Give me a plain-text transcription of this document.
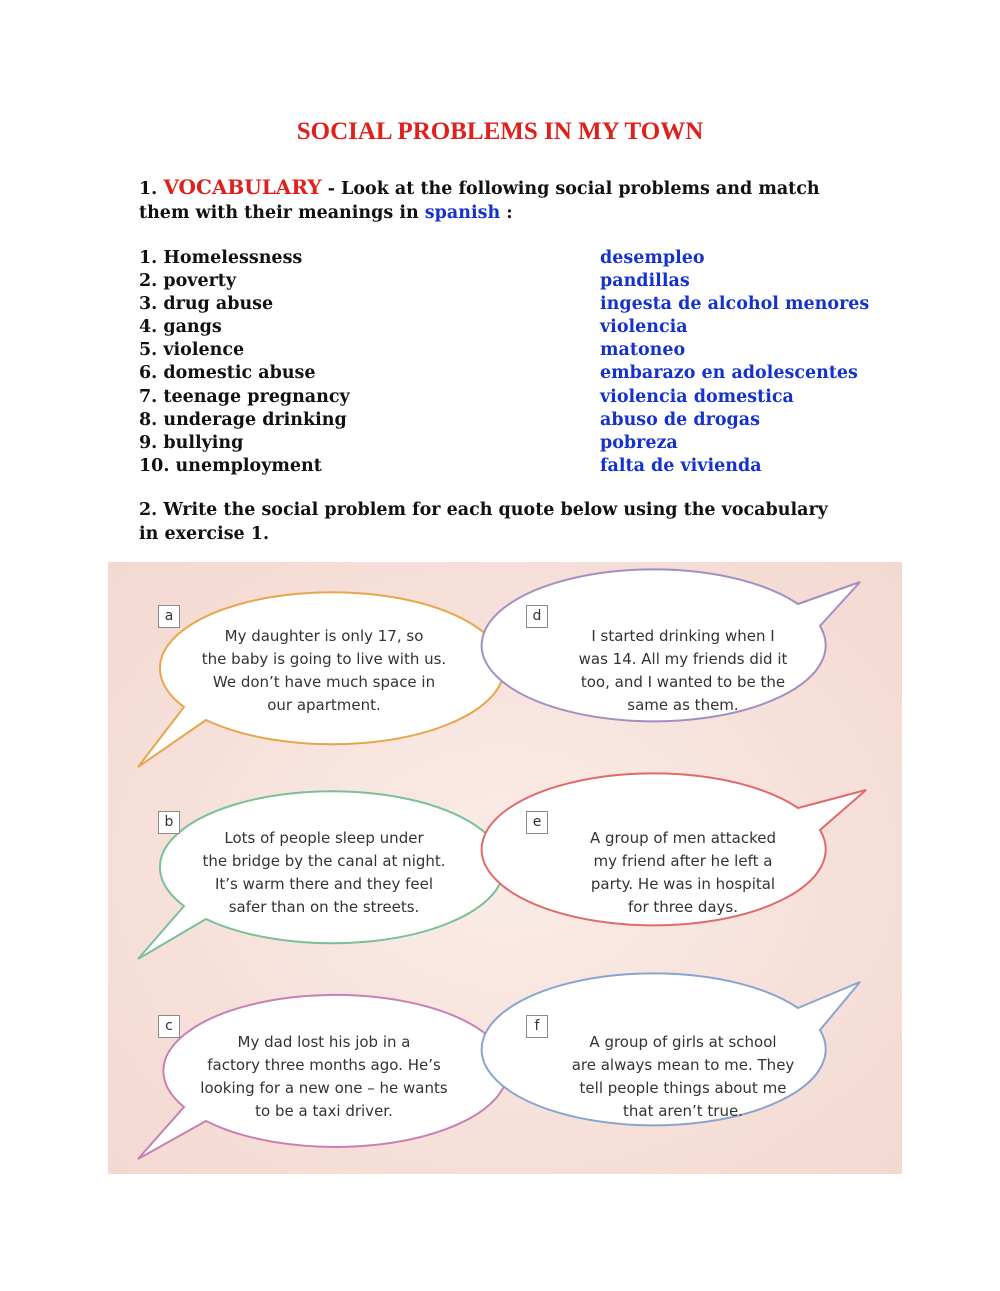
SOCIAL PROBLEMS IN MY TOWN
1. VOCABULARY - Look at the following social problems and match them with their meanings in spanish :
1. Homelessness
2. poverty
3. drug abuse
4. gangs
5. violence
6. domestic abuse
7. teenage pregnancy
8. underage drinking
9. bullying
10. unemployment
desempleo
pandillas
ingesta de alcohol menores
violencia
matoneo
embarazo en adolescentes
violencia domestica
abuso de drogas
pobreza
falta de vivienda
2. Write the social problem for each quote below using the vocabulary in exercise 1.
a
b
c
d
e
f
My daughter is only 17, so
the baby is going to live with us.
We don’t have much space in
our apartment.
Lots of people sleep under
the bridge by the canal at night.
It’s warm there and they feel
safer than on the streets.
My dad lost his job in a
factory three months ago. He’s
looking for a new one – he wants
to be a taxi driver.
I started drinking when I
was 14. All my friends did it
too, and I wanted to be the
same as them.
A group of men attacked
my friend after he left a
party. He was in hospital
for three days.
A group of girls at school
are always mean to me. They
tell people things about me
that aren’t true.
